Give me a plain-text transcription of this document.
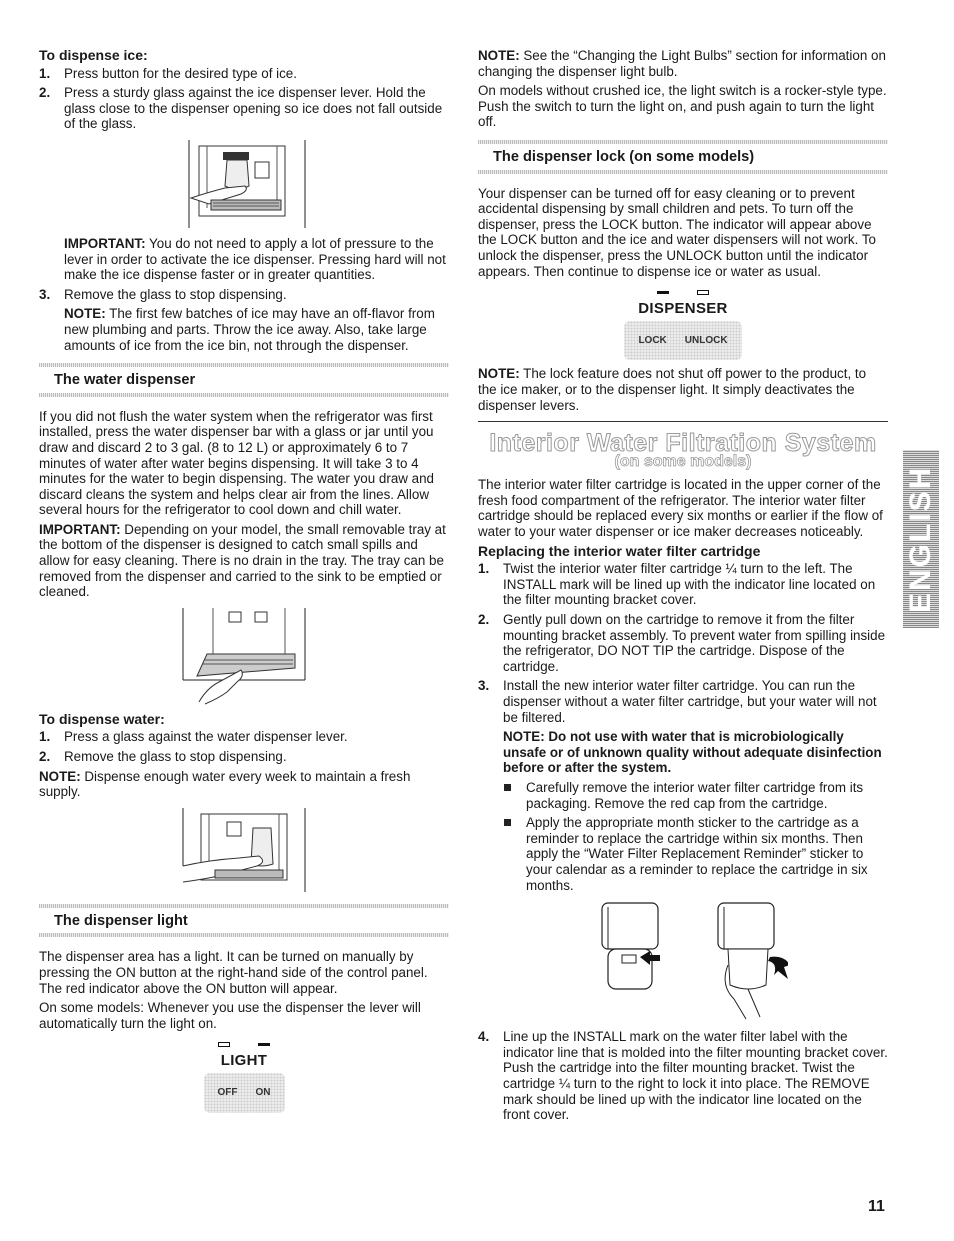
To dispense ice:
1. Press button for the desired type of ice.
2. Press a sturdy glass against the ice dispenser lever. Hold the glass close to the dispenser opening so ice does not fall outside of the glass.

IMPORTANT: You do not need to apply a lot of pressure to the lever in order to activate the ice dispenser. Pressing hard will not make the ice dispense faster or in greater quantities.

3. Remove the glass to stop dispensing.

NOTE: The first few batches of ice may have an off-flavor from new plumbing and parts. Throw the ice away. Also, take large amounts of ice from the ice bin, not through the dispenser.

The water dispenser

If you did not flush the water system when the refrigerator was first installed, press the water dispenser bar with a glass or jar until you draw and discard 2 to 3 gal. (8 to 12 L) or approximately 6 to 7 minutes of water after water begins dispensing. It will take 3 to 4 minutes for the water to begin dispensing. The water you draw and discard cleans the system and helps clear air from the lines. Allow several hours for the refrigerator to cool down and chill water.

IMPORTANT: Depending on your model, the small removable tray at the bottom of the dispenser is designed to catch small spills and allow for easy cleaning. There is no drain in the tray. The tray can be removed from the dispenser and carried to the sink to be emptied or cleaned.

To dispense water:
1. Press a glass against the water dispenser lever.
2. Remove the glass to stop dispensing.

NOTE: Dispense enough water every week to maintain a fresh supply.

The dispenser light

The dispenser area has a light. It can be turned on manually by pressing the ON button at the right-hand side of the control panel. The red indicator above the ON button will appear.

On some models: Whenever you use the dispenser the lever will automatically turn the light on.

LIGHT
OFF	ON

NOTE: See the “Changing the Light Bulbs” section for information on changing the dispenser light bulb.

On models without crushed ice, the light switch is a rocker-style type. Push the switch to turn the light on, and push again to turn the light off.

The dispenser lock (on some models)

Your dispenser can be turned off for easy cleaning or to prevent accidental dispensing by small children and pets. To turn off the dispenser, press the LOCK button. The indicator will appear above the LOCK button and the ice and water dispensers will not work. To unlock the dispenser, press the UNLOCK button until the indicator appears. Then continue to dispense ice or water as usual.

DISPENSER
LOCK	UNLOCK

NOTE: The lock feature does not shut off power to the product, to the ice maker, or to the dispenser light. It simply deactivates the dispenser levers.

Interior Water Filtration System
(on some models)

The interior water filter cartridge is located in the upper corner of the fresh food compartment of the refrigerator. The interior water filter cartridge should be replaced every six months or earlier if the flow of water to your water dispenser or ice maker decreases noticeably.

Replacing the interior water filter cartridge
1. Twist the interior water filter cartridge ¼ turn to the left. The INSTALL mark will be lined up with the indicator line located on the filter mounting bracket cover.
2. Gently pull down on the cartridge to remove it from the filter mounting bracket assembly. To prevent water from spilling inside the refrigerator, DO NOT TIP the cartridge. Dispose of the cartridge.
3. Install the new interior water filter cartridge. You can run the dispenser without a water filter cartridge, but your water will not be filtered.

NOTE: Do not use with water that is microbiologically unsafe or of unknown quality without adequate disinfection before or after the system.

Carefully remove the interior water filter cartridge from its packaging. Remove the red cap from the cartridge.
Apply the appropriate month sticker to the cartridge as a reminder to replace the cartridge within six months. Then apply the “Water Filter Replacement Reminder” sticker to your calendar as a reminder to replace the cartridge in six months.
4. Line up the INSTALL mark on the water filter label with the indicator line that is molded into the filter mounting bracket cover. Push the cartridge into the filter mounting bracket. Twist the cartridge ¼ turn to the right to lock it into place. The REMOVE mark should be lined up with the indicator line located on the front cover.
ENGLISH
11
